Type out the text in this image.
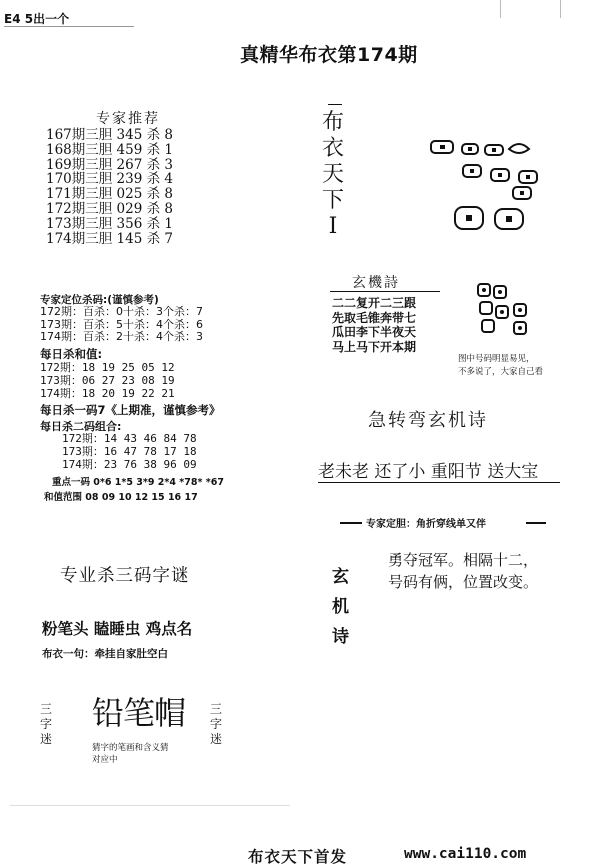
E4 5出一个
真精华布衣第174期
专家推荐
167期三胆 345 杀 8
168期三胆 459 杀 1
169期三胆 267 杀 3
170期三胆 239 杀 4
171期三胆 025 杀 8
172期三胆 029 杀 8
173期三胆 356 杀 1
174期三胆 145 杀 7
专家定位杀码:(谨慎参考)
172期：百杀：0十杀：3个杀：7
173期：百杀：5十杀：4个杀：6
174期：百杀：2十杀：4个杀：3
每日杀和值:
172期：18 19 25 05 12
173期：06 27 23 08 19
174期：18 20 19 22 21
每日杀一码7《上期准，谨慎参考》
每日杀二码组合:
172期：14 43 46 84 78
173期：16 47 78 17 18
174期：23 76 38 96 09
重点一码 0*6 1*5 3*9 2*4 *78* *67
和值范围 08 09 10 12 15 16 17
专业杀三码字谜
粉笔头 瞌睡虫 鸡点名
布衣一句：牵挂自家肚空白
三
字
迷
铅笔帽 三
字
迷
猜字的笔画和含义猜
对应中
布
衣
天
下
I
玄機詩
二二复开二三跟
先取毛锥奔带七
瓜田李下半夜天
马上马下开本期
图中号码明显易见，
不多说了，大家自己看
急转弯玄机诗
老未老 还了小 重阳节 送大宝
专家定胆：角折穿线单又伴
玄
机
诗
勇夺冠军。相隔十二，
号码有俩，位置改变。
布衣天下首发	www.cai110.com
